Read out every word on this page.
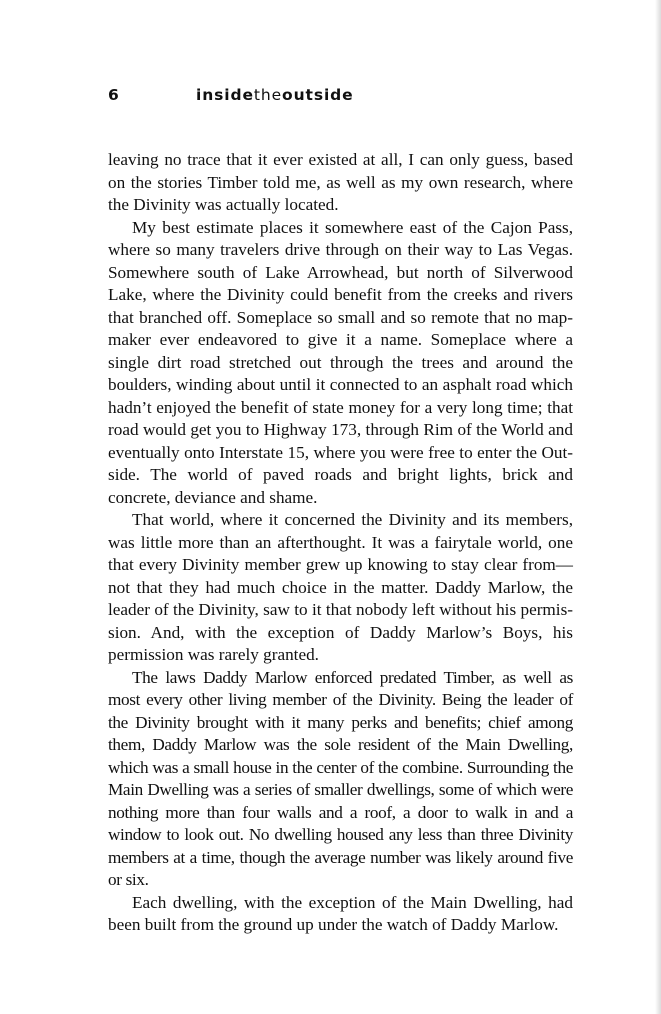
6	insidetheoutside

leaving no trace that it ever existed at all, I can only guess, based on the stories Timber told me, as well as my own research, where the Divinity was actually located.

My best estimate places it somewhere east of the Cajon Pass, where so many travelers drive through on their way to Las Vegas. Somewhere south of Lake Arrowhead, but north of Silverwood Lake, where the Divinity could benefit from the creeks and rivers that branched off. Someplace so small and so remote that no mapmaker ever endeavored to give it a name. Someplace where a single dirt road stretched out through the trees and around the boulders, winding about until it connected to an asphalt road which hadn’t enjoyed the benefit of state money for a very long time; that road would get you to Highway 173, through Rim of the World and eventually onto Interstate 15, where you were free to enter the Outside. The world of paved roads and bright lights, brick and concrete, deviance and shame.

That world, where it concerned the Divinity and its members, was little more than an afterthought. It was a fairytale world, one that every Divinity member grew up knowing to stay clear from—not that they had much choice in the matter. Daddy Marlow, the leader of the Divinity, saw to it that nobody left without his permission. And, with the exception of Daddy Marlow’s Boys, his permission was rarely granted.

The laws Daddy Marlow enforced predated Timber, as well as most every other living member of the Divinity. Being the leader of the Divinity brought with it many perks and benefits; chief among them, Daddy Marlow was the sole resident of the Main Dwelling, which was a small house in the center of the combine. Surrounding the Main Dwelling was a series of smaller dwellings, some of which were nothing more than four walls and a roof, a door to walk in and a window to look out. No dwelling housed any less than three Divinity members at a time, though the average number was likely around five or six.

Each dwelling, with the exception of the Main Dwelling, had been built from the ground up under the watch of Daddy Marlow.
